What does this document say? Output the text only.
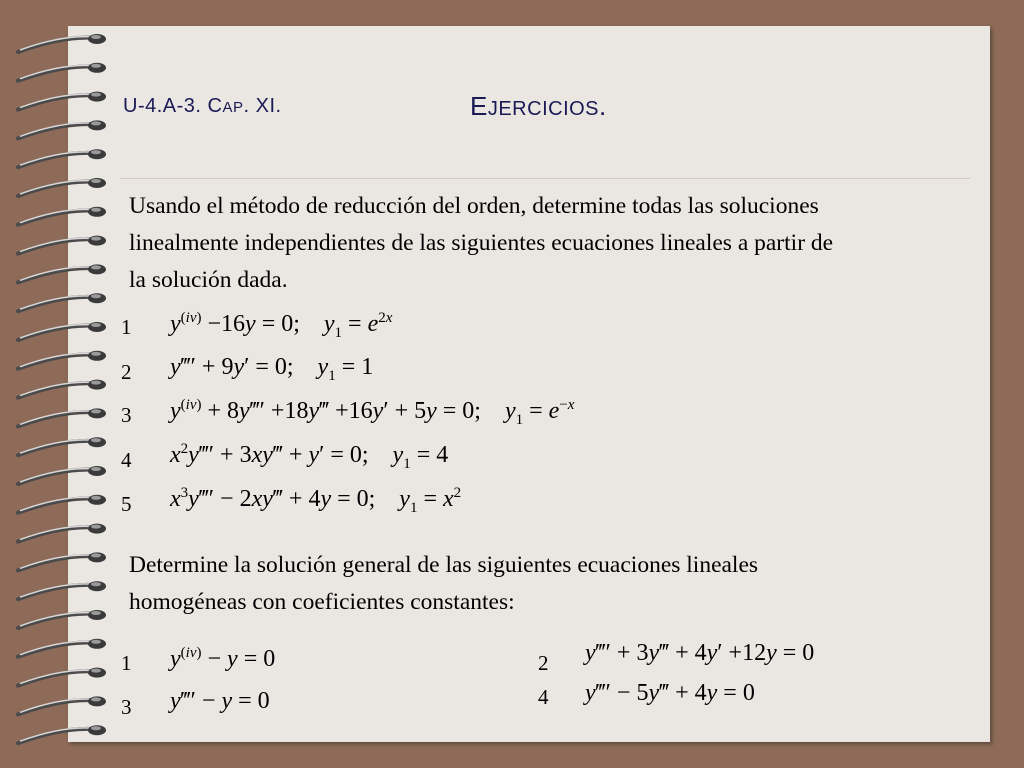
U-4.A-3. CAP. XI.	EJERCICIOS.
Usando el método de reducción del orden, determine todas las soluciones
linealmente independientes de las siguientes ecuaciones lineales a partir de
la solución dada.
1 $y^{(iv)} -16y = 0$;    $y_1 = e^{2x}$
2 y‴′ + 9y′ = 0;    $y_1 = 1$
3 $y^{(iv)}$ + 8y‴′ +18y‴ +16y′ + 5y = 0;    $y_1 = e^{-x}$
4 $x^2y‴'$ + 3xy‴ + y′ = 0;    $y_1 = 4$
5 $x^3y‴'$ − 2xy‴ + 4y = 0;    $y_1 = x^2$
Determine la solución general de las siguientes ecuaciones lineales
homogéneas con coeficientes constantes:
1 $y^{(iv)} - y = 0$	2 y‴′ + 3y‴ + 4y′ +12y = 0
3 y‴′ − y = 0	4 y‴′ − 5y‴ + 4y = 0
